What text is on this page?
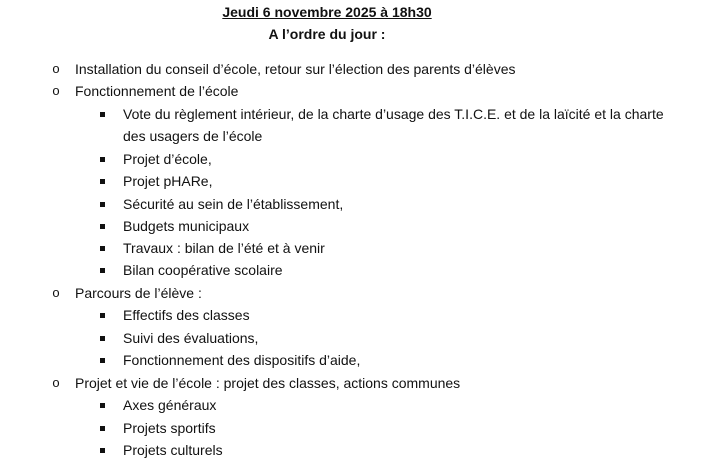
Jeudi 6 novembre 2025 à 18h30
A l’ordre du jour :
o Installation du conseil d’école, retour sur l’élection des parents d’élèves
o Fonctionnement de l’école
Vote du règlement intérieur, de la charte d’usage des T.I.C.E. et de la laïcité et la charte
des usagers de l’école
Projet d’école,
Projet pHARe,
Sécurité au sein de l’établissement,
Budgets municipaux
Travaux : bilan de l’été et à venir
Bilan coopérative scolaire
o Parcours de l’élève :
Effectifs des classes
Suivi des évaluations,
Fonctionnement des dispositifs d’aide,
o Projet et vie de l’école : projet des classes, actions communes
Axes généraux
Projets sportifs
Projets culturels
